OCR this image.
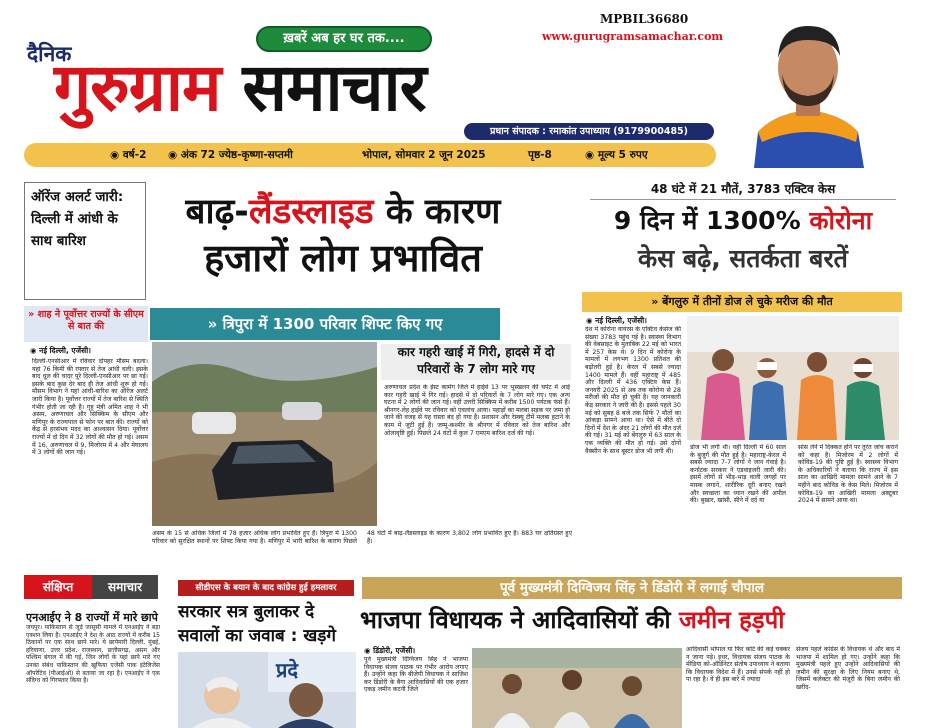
ख़बरें अब हर घर तक....
MPBIL36680
www.gurugramsamachar.com
दैनिक
गुरुग्राम समाचार
प्रधान संपादक : रमाकांत उपाध्याय (9179900485)
◉ वर्ष-2 ◉ अंक 72 ज्येष्ठ-कृष्णा-सप्तमी	भोपाल, सोमवार 2 जून 2025	पृष्ठ-8	◉ मूल्य 5 रुपए
ऑरेंज अलर्ट जारी: दिल्ली में आंधी के साथ बारिश
» शाह ने पूर्वोत्तर राज्यों के सीएम से बात की
◉ नई दिल्ली, एजेंसी।
दिल्ली-एनसीआर में रविवार दोपहर मौसम बदला। यहां 76 किमी की रफ्तार से तेज आंधी चली। इसके बाद धूल की चादर पूरे दिल्ली-एनसीआर पर छा गई। इसके बाद कुछ देर बाद ही तेज आंधी शुरू हो गई। मौसम विभाग ने यहां आंधी-बारिश का ऑरेंज अलर्ट जारी किया है। पूर्वोत्तर राज्यों में तेज बारिश से स्थिति गंभीर होती जा रही है। गृह मंत्री अमित शाह ने भी असम, अरुणाचल और सिक्किम के सीएम और मणिपुर के राज्यपाल से फोन पर बात की। राज्यों को केंद्र से हरसंभव मदद का आश्वासन दिया। पूर्वोत्तर राज्यों में दो दिन में 32 लोगों की मौत हो गई। असम में 16, अरुणाचल में 9, मिजोरम में 4 और मेघालय में 3 लोगों की जान गई।
बाढ़-लैंडस्लाइड के कारण
हजारों लोग प्रभावित
» त्रिपुरा में 1300 परिवार शिफ्ट किए गए
कार गहरी खाई में गिरी, हादसे में दो परिवारों के 7 लोग मारे गए
अरुणाचल प्रदेश के ईस्ट कामेंग जिले में हाईवे 13 पर भूस्खलन की चपेट में आई कार गहरी खाई में गिर गई। हादसे में दो परिवारों के 7 लोग मारे गए। एक अन्य घटना में 2 लोगों की जान गई। वहीं उत्तरी सिक्किम में करीब 1500 पर्यटक फंसे हैं। श्रीनगर-लेह हाईवे पर रविवार को एवलांच आया। पहाड़ों का मलबा सड़क पर जमा हो जाने की वजह से यह रास्ता बंद हो गया है। प्रशासन और रेस्क्यू टीमें मलबा हटाने के काम में जुटी हुई हैं। जम्मू-कश्मीर के श्रीनगर में रविवार को तेज बारिश और ओलावृष्टि हुई। पिछले 24 घंटों में कुल 7 एमएम बारिश दर्ज की गई।
असम के 15 से अधिक जिलों में 78 हजार अधिक लोग प्रभावित हुए हैं। त्रिपुरा में 1300 परिवार को सुरक्षित स्थानों पर शिफ्ट किया गया है। मणिपुर में भारी बारिश के कारण पिछले 48 घंटों में बाढ़-लैंडस्लाइड के कारण 3,802 लोग प्रभावित हुए हैं। 883 घर क्षतिग्रस्त हुए हैं।
48 घंटे में 21 मौतें, 3783 एक्टिव केस
9 दिन में 1300% कोरोना
केस बढ़े, सतर्कता बरतें
» बेंगलुरु में तीनों डोज ले चुके मरीज की मौत
◉ नई दिल्ली, एजेंसी।
देश में कोरोना वायरस के एक्टिव केसेज की संख्या 3783 पहुंच गई है। स्वास्थ्य विभाग की वेबसाइट के मुताबिक 22 मई को भारत में 257 केस थे। 9 दिन में कोरोना के मामलों में लगभग 1300 प्रतिशत की बढ़ोतरी हुई है। केरल में सबसे ज्यादा 1400 मामले हैं। वहीं महाराष्ट्र में 485 और दिल्ली में 436 एक्टिव केस हैं। जनवरी 2025 से अब तक कोरोना से 28 मरीजों की मौत हो चुकी है। यह जानकारी केंद्र सरकार ने जारी की है। इससे पहले 30 मई को सुबह 8 बजे तक सिर्फ 7 मौतों का आंकड़ा सामने आया था। ऐसे में बीते दो दिनों में देश के अंदर 21 लोगों की मौत दर्ज की गई। 31 मई को बेंगलुरु में 63 साल के एक व्यक्ति की मौत हो गई। उसे दोनों वैक्सीन के साथ बूस्टर डोज भी लगी थी।	डोज भी लगी थी। वहीं दिल्ली में 60 साल के बुजुर्ग की मौत हुई है। महाराष्ट्र-केरल में सबसे ज्यादा 7-7 लोगों ने जान गंवाई है। कर्नाटक सरकार ने एडवाइजरी जारी की। इसमें लोगों से भीड़-भाड़ वाली जगहों पर मास्क लगाने, शारीरिक दूरी बनाए रखने और स्वच्छता का ध्यान रखने की अपील की। बुखार, खांसी, सीने में दर्द या
सांस लेने में दिक्कत होने पर तुरंत जांच कराने को कहा है। मिजोरम में 2 लोगों में कोविड-19 की पुष्टि हुई है। स्वास्थ्य विभाग के अधिकारियों ने बताया कि राज्य में इस साल का आखिरी मामला सामने आने के 7 महीने बाद कोविड के केस मिले। मिजोरम में कोविड-19 का आखिरी मामला अक्टूबर 2024 में सामने आया था।
संक्षिप्त	समाचार
एनआईए ने 8 राज्यों में मारे छापे
जयपुर। पाकिस्तान से जुड़े जासूसी मामले में एनआईए ने बड़ा एक्शन लिया है। एनआईए ने देश के आठ राज्यों में करीब 15 ठिकानों पर एक साथ छापे मारे। ये छापेमारी दिल्ली, मुंबई, हरियाणा, उत्तर प्रदेश, राजस्थान, छत्तीसगढ़, असम और पश्चिम बंगाल में की गई, जिन लोगों के यहां छापे मारे गए उनका संबंध पाकिस्तान की खुफिया एजेंसी पाक इंटेलिजेंस ऑपरेटिव (पीआईओ) से बताया जा रहा है। एनआईए ने एक संदिग्ध को गिरफ्तार किया है।
सीडीएस के बयान के बाद कांग्रेस हुई हमलावर
सरकार सत्र बुलाकर दे सवालों का जवाब : खड़गे
प्रदे
पूर्व मुख्यमंत्री दिग्विजय सिंह ने डिंडोरी में लगाई चौपाल
भाजपा विधायक ने आदिवासियों की जमीन हड़पी
◉ डिंडोरी, एजेंसी।
पूर्व मुख्यमंत्री दिग्विजय सिंह ने भाजपा विधायक संजय पाठक पर गंभीर आरोप लगाए हैं। उन्होंने कहा कि बीजेपी विधायक ने साजिश कर डिंडोरी के बैगा आदिवासियों की एक हजार एकड़ जमीन कटनी जिले
आदिवासी भोपाल या फिर कोर्ट की कई चक्कर न जाना पड़े। इधर, विधायक संजय पाठक के मीडिया को-ऑर्डिनेटर संतोष उपाध्याय ने बताया कि विधायक विदेश में हैं। उनसे संपर्क नहीं हो पा रहा है। वे ही इस बारे में ज्यादा
संजय पहले कांग्रेस के विधायक थे और बाद में भाजपा में शामिल हो गए। उन्होंने कहा कि मुख्यमंत्री पहले हुए उन्होंने आदिवासियों की जमीन की सुरक्षा के लिए नियम बनाए थे, जिसमें कलेक्टर की मंजूरी के बिना जमीन की खरीद-
